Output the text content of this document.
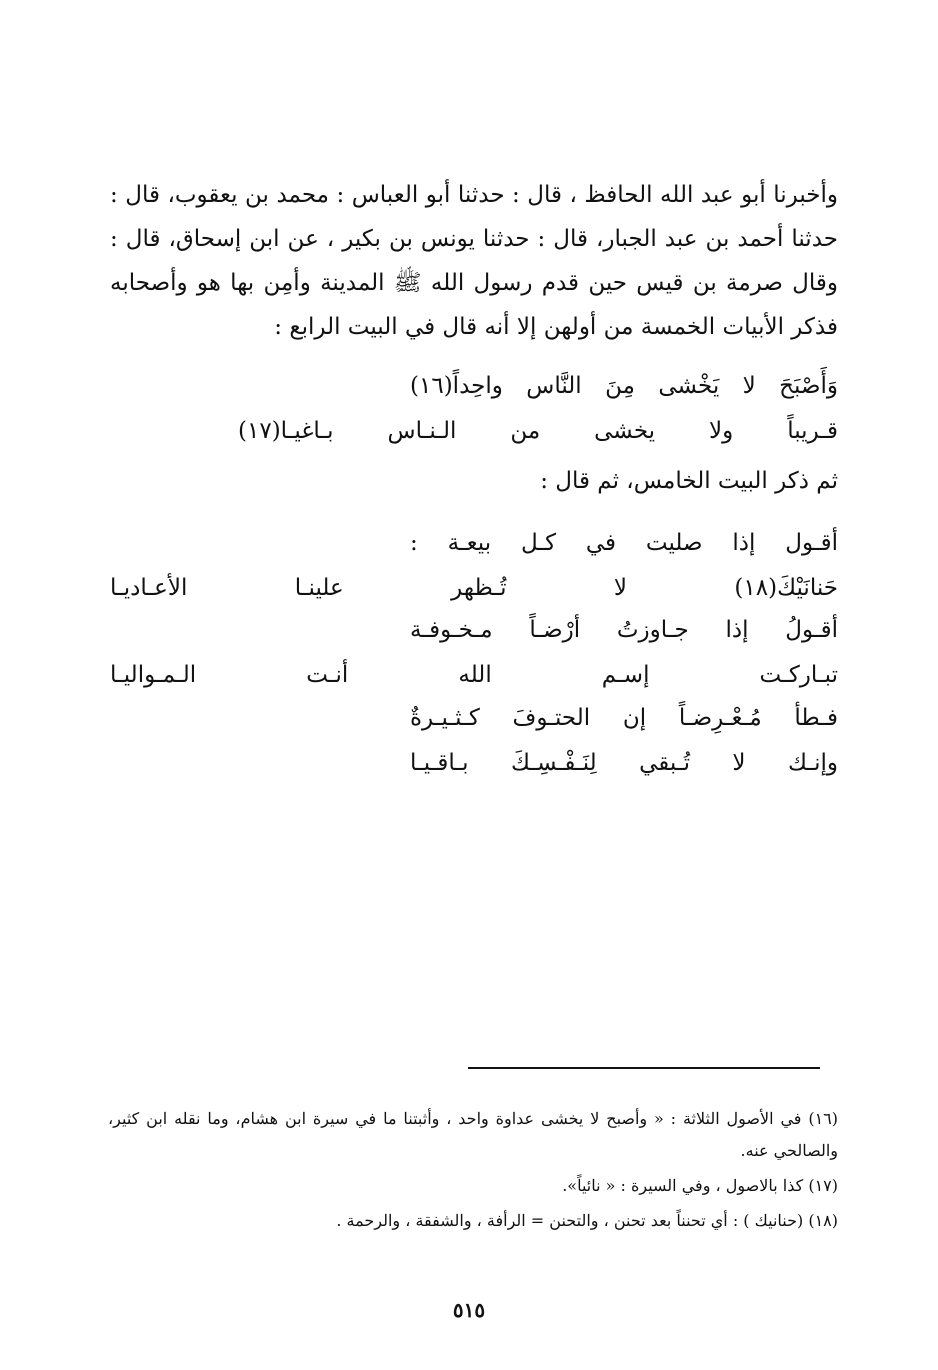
وأخبرنا أبو عبد الله الحافظ ، قال : حدثنا أبو العباس : محمد بن يعقوب، قال : حدثنا أحمد بن عبد الجبار، قال : حدثنا يونس بن بكير ، عن ابن إسحاق، قال : وقال صرمة بن قيس حين قدم رسول الله ﷺ المدينة وأمِن بها هو وأصحابه فذكر الأبيات الخمسة من أولهن إلا أنه قال في البيت الرابع :

وَأَصْبَحَ لا يَخْشى مِنَ النَّاس واحِداً(١٦)
قـريباً ولا يخشى من الـنـاس بـاغيـا(١٧)
ثم ذكر البيت الخامس، ثم قال :
أقـول إذا صليت في كـل بيعـة :
حَنانَيْكَ(١٨) لا تُـظهر علينـا الأعـاديـا
أقـولُ إذا جـاوزتُ أرْضـاً مـخـوفـة
تبـاركـت إسـم الله أنـت الـمـواليـا
فـطأ مُـعْـرِضـاً إن الحتـوفَ كـثـيـرةٌ
وإنـك لا تُـبقي لِنَـفْـسِـكَ بـاقـيـا

(١٦) في الأصول الثلاثة : « وأصبح لا يخشى عداوة واحد ، وأثبتنا ما في سيرة ابن هشام، وما نقله ابن كثير، والصالحي عنه.

(١٧) كذا بالاصول ، وفي السيرة : « نائياً».

(١٨) (حنانيك ) : أي تحنناً بعد تحنن ، والتحنن = الرأفة ، والشفقة ، والرحمة .

٥١٥
